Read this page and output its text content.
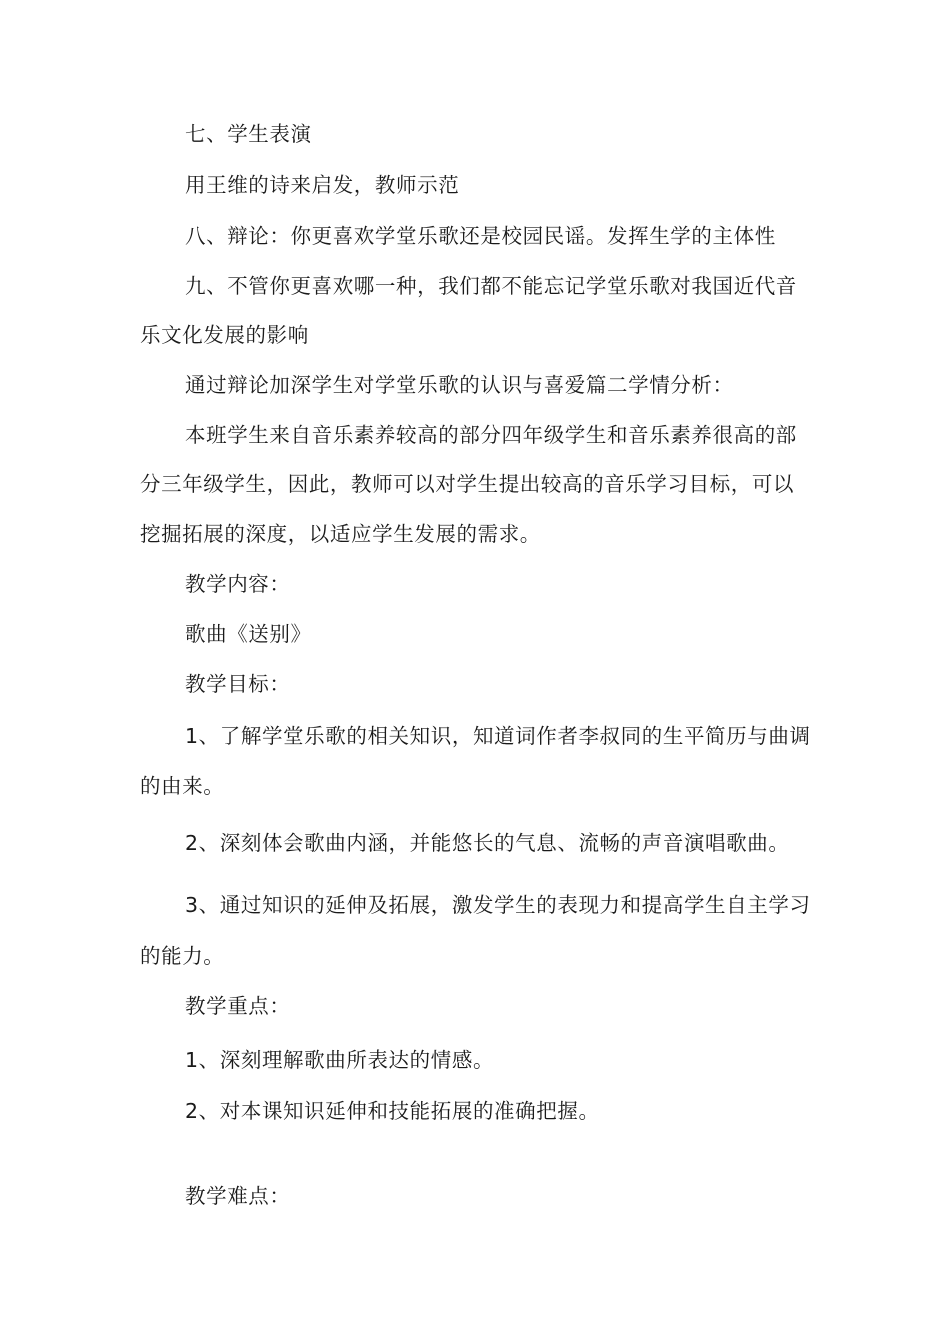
七、学生表演
用王维的诗来启发，教师示范
八、辩论：你更喜欢学堂乐歌还是校园民谣。发挥生学的主体性
九、不管你更喜欢哪一种，我们都不能忘记学堂乐歌对我国近代音
乐文化发展的影响
通过辩论加深学生对学堂乐歌的认识与喜爱篇二学情分析：
本班学生来自音乐素养较高的部分四年级学生和音乐素养很高的部
分三年级学生，因此，教师可以对学生提出较高的音乐学习目标，可以
挖掘拓展的深度，以适应学生发展的需求。
教学内容：
歌曲《送别》
教学目标：
1、了解学堂乐歌的相关知识，知道词作者李叔同的生平简历与曲调
的由来。
2、深刻体会歌曲内涵，并能悠长的气息、流畅的声音演唱歌曲。
3、通过知识的延伸及拓展，激发学生的表现力和提高学生自主学习
的能力。
教学重点：
1、深刻理解歌曲所表达的情感。
2、对本课知识延伸和技能拓展的准确把握。
教学难点：
